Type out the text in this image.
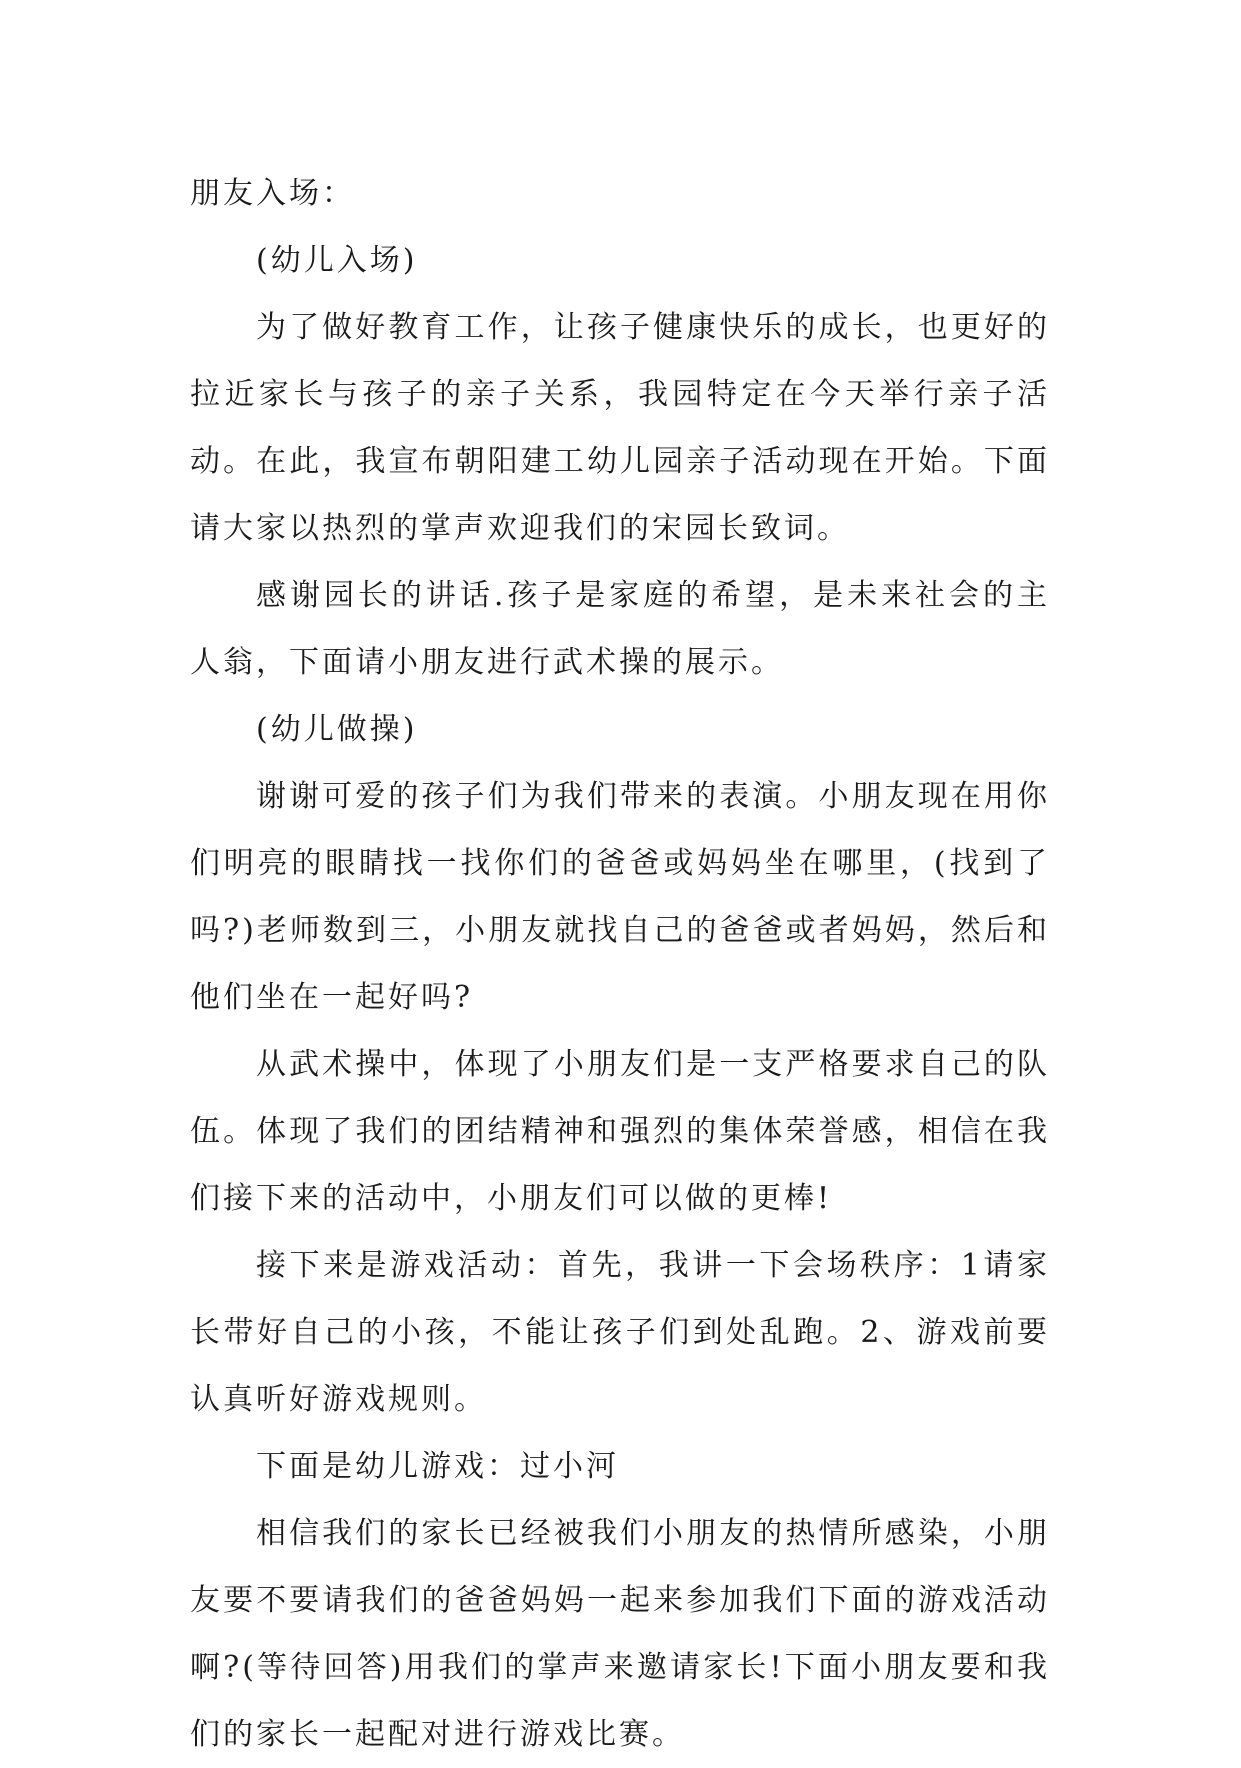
朋友入场：

(幼儿入场)

为了做好教育工作，让孩子健康快乐的成长，也更好的拉近家长与孩子的亲子关系，我园特定在今天举行亲子活动。在此，我宣布朝阳建工幼儿园亲子活动现在开始。下面请大家以热烈的掌声欢迎我们的宋园长致词。

感谢园长的讲话.孩子是家庭的希望，是未来社会的主人翁，下面请小朋友进行武术操的展示。

(幼儿做操)

谢谢可爱的孩子们为我们带来的表演。小朋友现在用你们明亮的眼睛找一找你们的爸爸或妈妈坐在哪里，(找到了吗?)老师数到三，小朋友就找自己的爸爸或者妈妈，然后和他们坐在一起好吗?

从武术操中，体现了小朋友们是一支严格要求自己的队伍。体现了我们的团结精神和强烈的集体荣誉感，相信在我们接下来的活动中，小朋友们可以做的更棒!

接下来是游戏活动：首先，我讲一下会场秩序：1请家长带好自己的小孩，不能让孩子们到处乱跑。2、游戏前要认真听好游戏规则。

下面是幼儿游戏：过小河

相信我们的家长已经被我们小朋友的热情所感染，小朋友要不要请我们的爸爸妈妈一起来参加我们下面的游戏活动啊?(等待回答)用我们的掌声来邀请家长!下面小朋友要和我们的家长一起配对进行游戏比赛。
